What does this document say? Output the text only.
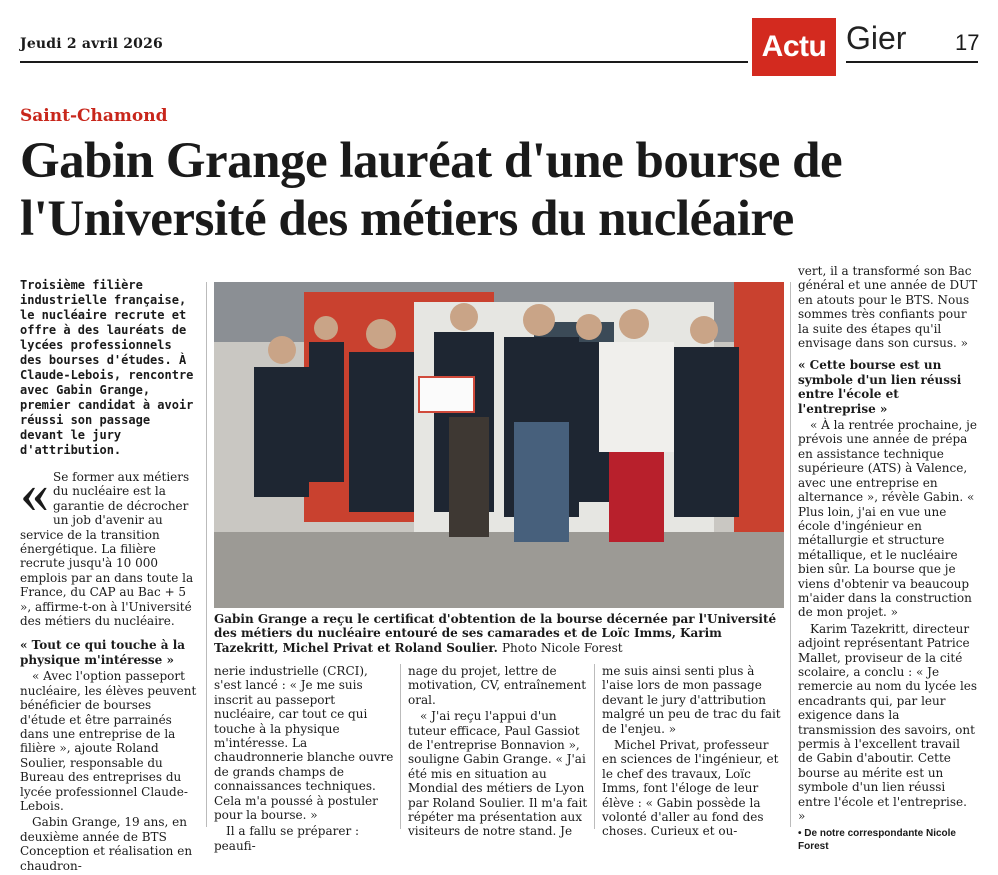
Jeudi 2 avril 2026	Actu Gier 17
Saint-Chamond
Gabin Grange lauréat d'une bourse de l'Université des métiers du nucléaire
Troisième filière industrielle française, le nucléaire recrute et offre à des lauréats de lycées professionnels des bourses d'études. À Claude-Lebois, rencontre avec Gabin Grange, premier candidat à avoir réussi son passage devant le jury d'attribution.
« Se former aux métiers du nucléaire est la garantie de décrocher un job d'avenir au service de la transition énergétique. La filière recrute jusqu'à 10 000 emplois par an dans toute la France, du CAP au Bac + 5 », affirme-t-on à l'Université des métiers du nucléaire.
« Tout ce qui touche à la physique m'intéresse »

« Avec l'option passeport nucléaire, les élèves peuvent bénéficier de bourses d'étude et être parrainés dans une entreprise de la filière », ajoute Roland Soulier, responsable du Bureau des entreprises du lycée professionnel Claude-Lebois.

Gabin Grange, 19 ans, en deuxième année de BTS Conception et réalisation en chaudron-

Gabin Grange a reçu le certificat d'obtention de la bourse décernée par l'Université des métiers du nucléaire entouré de ses camarades et de Loïc Imms, Karim Tazekritt, Michel Privat et Roland Soulier. Photo Nicole Forest

nerie industrielle (CRCI), s'est lancé : « Je me suis inscrit au passeport nucléaire, car tout ce qui touche à la physique m'intéresse. La chaudronnerie blanche ouvre de grands champs de connaissances techniques. Cela m'a poussé à postuler pour la bourse. »

Il a fallu se préparer : peaufi-

nage du projet, lettre de motivation, CV, entraînement oral.

« J'ai reçu l'appui d'un tuteur efficace, Paul Gassiot de l'entreprise Bonnavion », souligne Gabin Grange. « J'ai été mis en situation au Mondial des métiers de Lyon par Roland Soulier. Il m'a fait répéter ma présentation aux visiteurs de notre stand. Je

me suis ainsi senti plus à l'aise lors de mon passage devant le jury d'attribution malgré un peu de trac du fait de l'enjeu. »

Michel Privat, professeur en sciences de l'ingénieur, et le chef des travaux, Loïc Imms, font l'éloge de leur élève : « Gabin possède la volonté d'aller au fond des choses. Curieux et ou-

vert, il a transformé son Bac général et une année de DUT en atouts pour le BTS. Nous sommes très confiants pour la suite des étapes qu'il envisage dans son cursus. »

« Cette bourse est un symbole d'un lien réussi entre l'école et l'entreprise »

« À la rentrée prochaine, je prévois une année de prépa en assistance technique supérieure (ATS) à Valence, avec une entreprise en alternance », révèle Gabin. « Plus loin, j'ai en vue une école d'ingénieur en métallurgie et structure métallique, et le nucléaire bien sûr. La bourse que je viens d'obtenir va beaucoup m'aider dans la construction de mon projet. »

Karim Tazekritt, directeur adjoint représentant Patrice Mallet, proviseur de la cité scolaire, a conclu : « Je remercie au nom du lycée les encadrants qui, par leur exigence dans la transmission des savoirs, ont permis à l'excellent travail de Gabin d'aboutir. Cette bourse au mérite est un symbole d'un lien réussi entre l'école et l'entreprise. »

• De notre correspondante Nicole Forest
